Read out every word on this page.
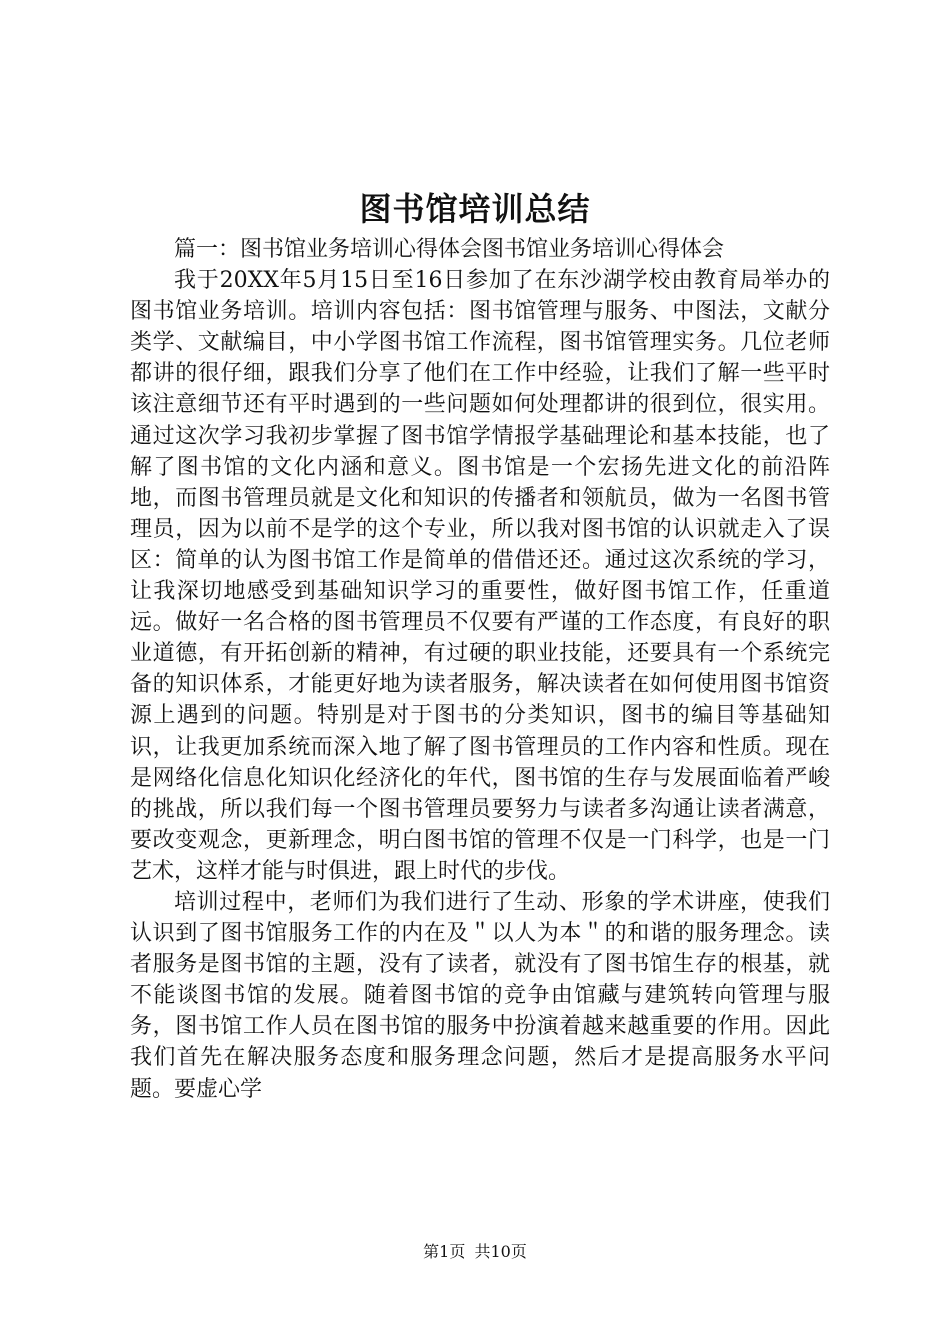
图书馆培训总结

篇一：图书馆业务培训心得体会图书馆业务培训心得体会

我于20XX年5月15日至16日参加了在东沙湖学校由教育局举办的图书馆业务培训。培训内容包括：图书馆管理与服务、中图法，文献分类学、文献编目，中小学图书馆工作流程，图书馆管理实务。几位老师都讲的很仔细，跟我们分享了他们在工作中经验，让我们了解一些平时该注意细节还有平时遇到的一些问题如何处理都讲的很到位，很实用。通过这次学习我初步掌握了图书馆学情报学基础理论和基本技能，也了解了图书馆的文化内涵和意义。图书馆是一个宏扬先进文化的前沿阵地，而图书管理员就是文化和知识的传播者和领航员，做为一名图书管理员，因为以前不是学的这个专业，所以我对图书馆的认识就走入了误区：简单的认为图书馆工作是简单的借借还还。通过这次系统的学习，让我深切地感受到基础知识学习的重要性，做好图书馆工作，任重道远。做好一名合格的图书管理员不仅要有严谨的工作态度，有良好的职业道德，有开拓创新的精神，有过硬的职业技能，还要具有一个系统完备的知识体系，才能更好地为读者服务，解决读者在如何使用图书馆资源上遇到的问题。特别是对于图书的分类知识，图书的编目等基础知识，让我更加系统而深入地了解了图书管理员的工作内容和性质。现在是网络化信息化知识化经济化的年代，图书馆的生存与发展面临着严峻的挑战，所以我们每一个图书管理员要努力与读者多沟通让读者满意，要改变观念，更新理念，明白图书馆的管理不仅是一门科学，也是一门艺术，这样才能与时俱进，跟上时代的步伐。

培训过程中，老师们为我们进行了生动、形象的学术讲座，使我们认识到了图书馆服务工作的内在及＂以人为本＂的和谐的服务理念。读者服务是图书馆的主题，没有了读者，就没有了图书馆生存的根基，就不能谈图书馆的发展。随着图书馆的竞争由馆藏与建筑转向管理与服务，图书馆工作人员在图书馆的服务中扮演着越来越重要的作用。因此我们首先在解决服务态度和服务理念问题，然后才是提高服务水平问题。要虚心学

第1页 共10页
